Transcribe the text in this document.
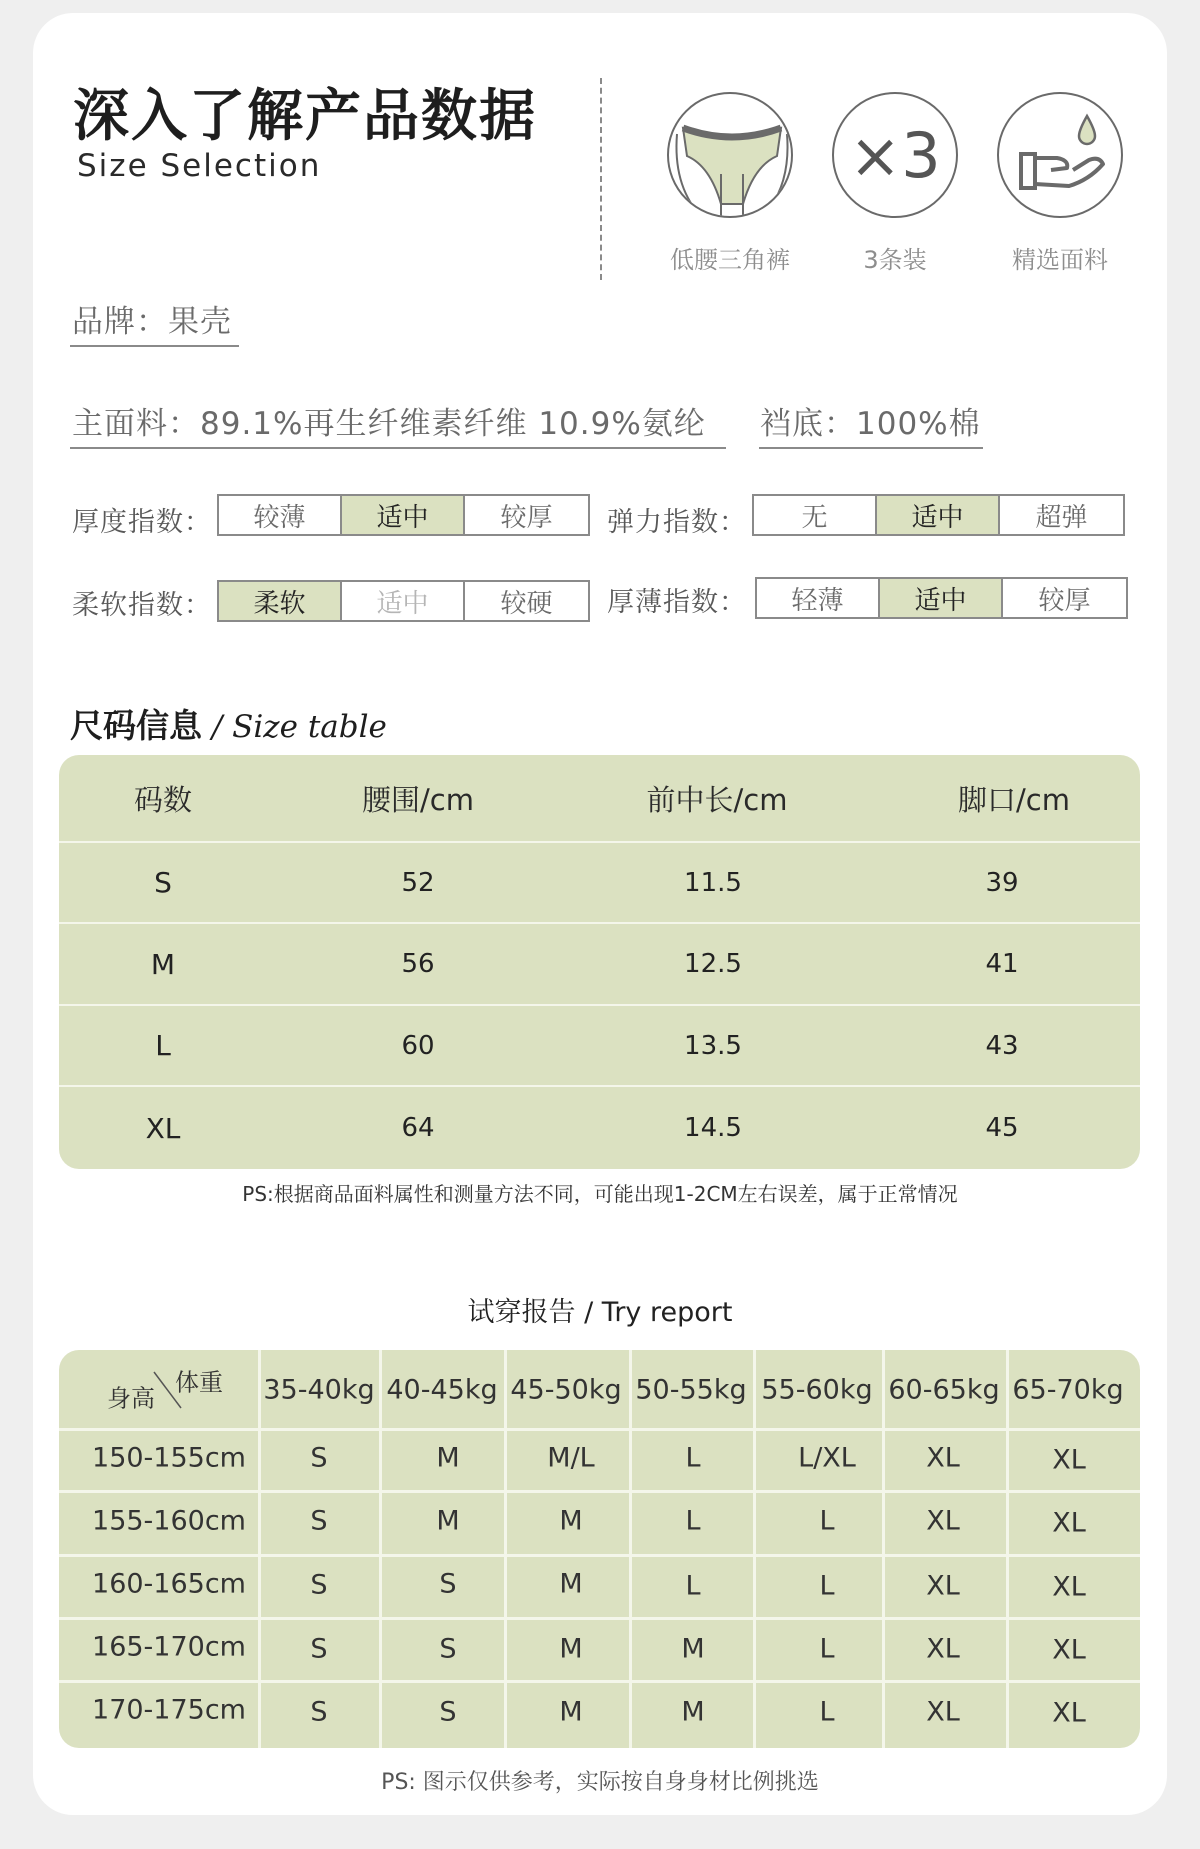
深入了解产品数据
Size Selection
低腰三角裤
×3
3条装	精选面料
品牌：果壳
主面料：89.1%再生纤维素纤维 10.9%氨纶 裆底：100%棉
厚度指数：	较薄	适中	较厚	弹力指数：	无	适中	超弹
柔软指数：	柔软	适中	较硬	厚薄指数：	轻薄	适中	较厚
尺码信息 / Size table
码数	腰围/cm	前中长/cm	脚口/cm
S	52	11.5	39
M	56	12.5	41
L	60	13.5	43
XL	64	14.5	45
PS:根据商品面料属性和测量方法不同，可能出现1-2CM左右误差，属于正常情况
试穿报告 / Try report
身高
体重 35-40kg 40-45kg 45-50kg 50-55kg 55-60kg 60-65kg 65-70kg
150-155cm S	M	M/L	L	L/XL	XL	XL
155-160cm S	M	M	L	L	XL	XL
160-165cm S	S	M	L	L	XL	XL
165-170cm S	S	M	M	L	XL	XL
170-175cm S	S	M	M	L	XL	XL
PS: 图示仅供参考，实际按自身身材比例挑选
